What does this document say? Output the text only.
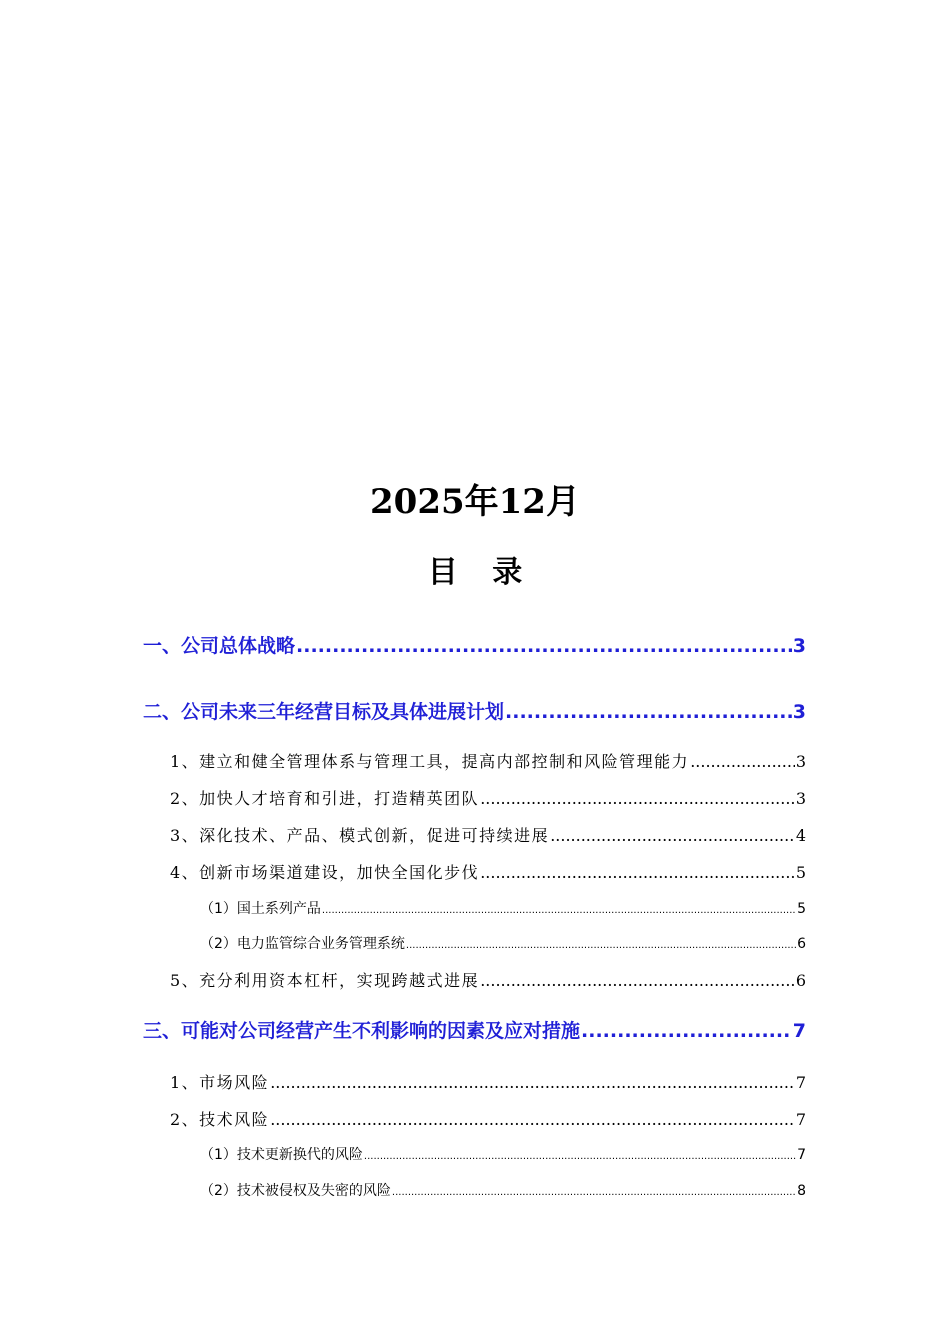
2025年12月
目 录
一、公司总体战略 .....	3
二、公司未来三年经营目标及具体进展计划 .....	3
1、建立和健全管理体系与管理工具，提高内部控制和风险管理能力 .....	3
2、加快人才培育和引进，打造精英团队 .....	3
3、深化技术、产品、模式创新，促进可持续进展 .....	4
4、创新市场渠道建设，加快全国化步伐 .....	5
（1）国土系列产品 .....	5
（2）电力监管综合业务管理系统 .....	6
5、充分利用资本杠杆，实现跨越式进展 .....	6
三、可能对公司经营产生不利影响的因素及应对措施 .....	7
1、市场风险 .....	7
2、技术风险 .....	7
（1）技术更新换代的风险 .....	7
（2）技术被侵权及失密的风险 .....	8
